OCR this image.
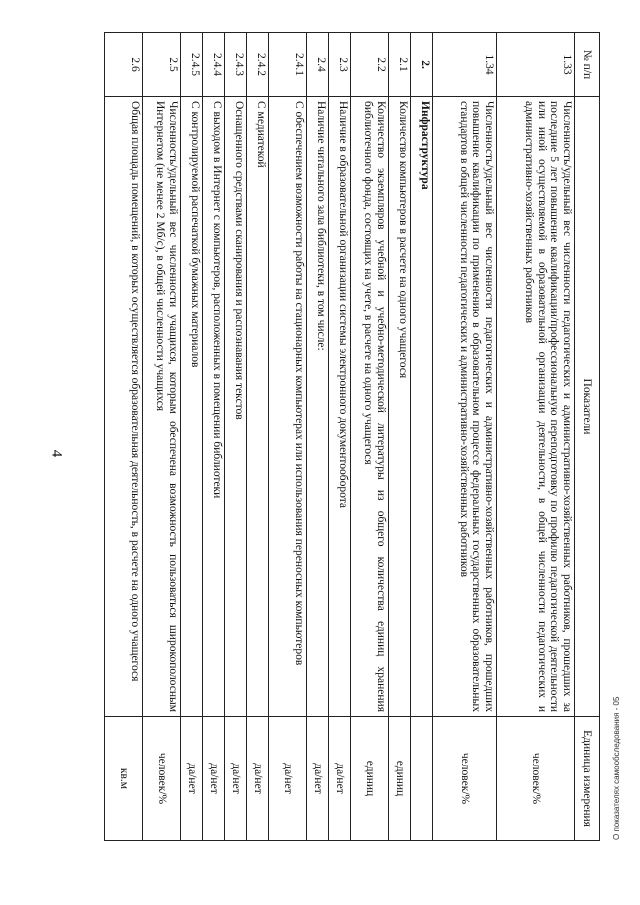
4
О показателях самообследования - 05
№ п/п	Показатели	Единица измерения
1.33	Численность/удельный вес численности педагогических и административно-хозяйственных работников, прошедших за последние 5 лет повышение квалификации/профессиональную переподготовку по профилю педагогической деятельности или иной осуществляемой в образовательной организации деятельности, в общей численности педагогических и административно-хозяйственных работников	человек/%
1.34	Численность/удельный вес численности педагогических и административно-хозяйственных работников, прошедших повышение квалификации по применению в образовательном процессе федеральных государственных образовательных стандартов в общей численности педагогических и административно-хозяйственных работников	человек/%
2.	Инфраструктура	
2.1	Количество компьютеров в расчете на одного учащегося	единиц
2.2	Количество экземпляров учебной и учебно-методической литературы из общего количества единиц хранения библиотечного фонда, состоящих на учете, в расчете на одного учащегося	единиц
2.3	Наличие в образовательной организации системы электронного документооборота	да/нет
2.4	Наличие читального зала библиотеки, в том числе:	да/нет
2.4.1	С обеспечением возможности работы на стационарных компьютерах или использования переносных компьютеров	да/нет
2.4.2	С медиатекой	да/нет
2.4.3	Оснащенного средствами сканирования и распознавания текстов	да/нет
2.4.4	С выходом в Интернет с компьютеров, расположенных в помещении библиотеки	да/нет
2.4.5	С контролируемой распечаткой бумажных материалов	да/нет
2.5	Численность/удельный вес численности учащихся, которым обеспечена возможность пользоваться широкополосным Интернетом (не менее 2 Мб/с), в общей численности учащихся	человек/%
2.6	Общая площадь помещений, в которых осуществляется образовательная деятельность, в расчете на одного учащегося	кв.м
